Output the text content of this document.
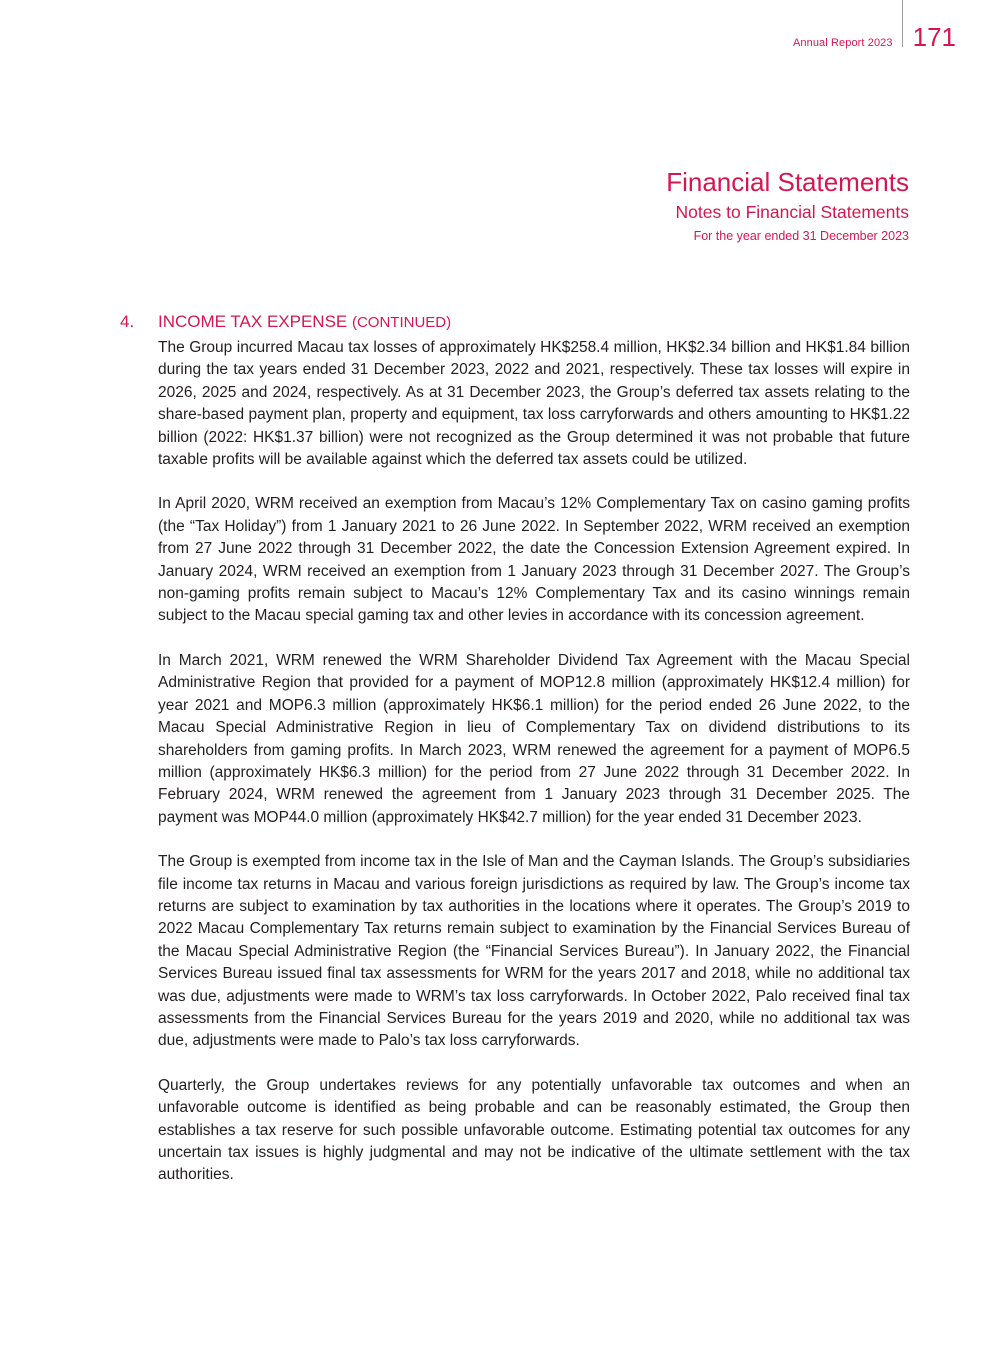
Annual Report 2023 171
Financial Statements
Notes to Financial Statements
For the year ended 31 December 2023
4.	INCOME TAX EXPENSE (CONTINUED)

The Group incurred Macau tax losses of approximately HK$258.4 million, HK$2.34 billion and HK$1.84 billion during the tax years ended 31 December 2023, 2022 and 2021, respectively. These tax losses will expire in 2026, 2025 and 2024, respectively. As at 31 December 2023, the Group’s deferred tax assets relating to the share-based payment plan, property and equipment, tax loss carryforwards and others amounting to HK$1.22 billion (2022: HK$1.37 billion) were not recognized as the Group determined it was not probable that future taxable profits will be available against which the deferred tax assets could be utilized.

In April 2020, WRM received an exemption from Macau’s 12% Complementary Tax on casino gaming profits (the “Tax Holiday”) from 1 January 2021 to 26 June 2022. In September 2022, WRM received an exemption from 27 June 2022 through 31 December 2022, the date the Concession Extension Agreement expired. In January 2024, WRM received an exemption from 1 January 2023 through 31 December 2027. The Group’s non-gaming profits remain subject to Macau’s 12% Complementary Tax and its casino winnings remain subject to the Macau special gaming tax and other levies in accordance with its concession agreement.

In March 2021, WRM renewed the WRM Shareholder Dividend Tax Agreement with the Macau Special Administrative Region that provided for a payment of MOP12.8 million (approximately HK$12.4 million) for year 2021 and MOP6.3 million (approximately HK$6.1 million) for the period ended 26 June 2022, to the Macau Special Administrative Region in lieu of Complementary Tax on dividend distributions to its shareholders from gaming profits. In March 2023, WRM renewed the agreement for a payment of MOP6.5 million (approximately HK$6.3 million) for the period from 27 June 2022 through 31 December 2022. In February 2024, WRM renewed the agreement from 1 January 2023 through 31 December 2025. The payment was MOP44.0 million (approximately HK$42.7 million) for the year ended 31 December 2023.

The Group is exempted from income tax in the Isle of Man and the Cayman Islands. The Group’s subsidiaries file income tax returns in Macau and various foreign jurisdictions as required by law. The Group’s income tax returns are subject to examination by tax authorities in the locations where it operates. The Group’s 2019 to 2022 Macau Complementary Tax returns remain subject to examination by the Financial Services Bureau of the Macau Special Administrative Region (the “Financial Services Bureau”). In January 2022, the Financial Services Bureau issued final tax assessments for WRM for the years 2017 and 2018, while no additional tax was due, adjustments were made to WRM’s tax loss carryforwards. In October 2022, Palo received final tax assessments from the Financial Services Bureau for the years 2019 and 2020, while no additional tax was due, adjustments were made to Palo’s tax loss carryforwards.

Quarterly, the Group undertakes reviews for any potentially unfavorable tax outcomes and when an unfavorable outcome is identified as being probable and can be reasonably estimated, the Group then establishes a tax reserve for such possible unfavorable outcome. Estimating potential tax outcomes for any uncertain tax issues is highly judgmental and may not be indicative of the ultimate settlement with the tax authorities.
